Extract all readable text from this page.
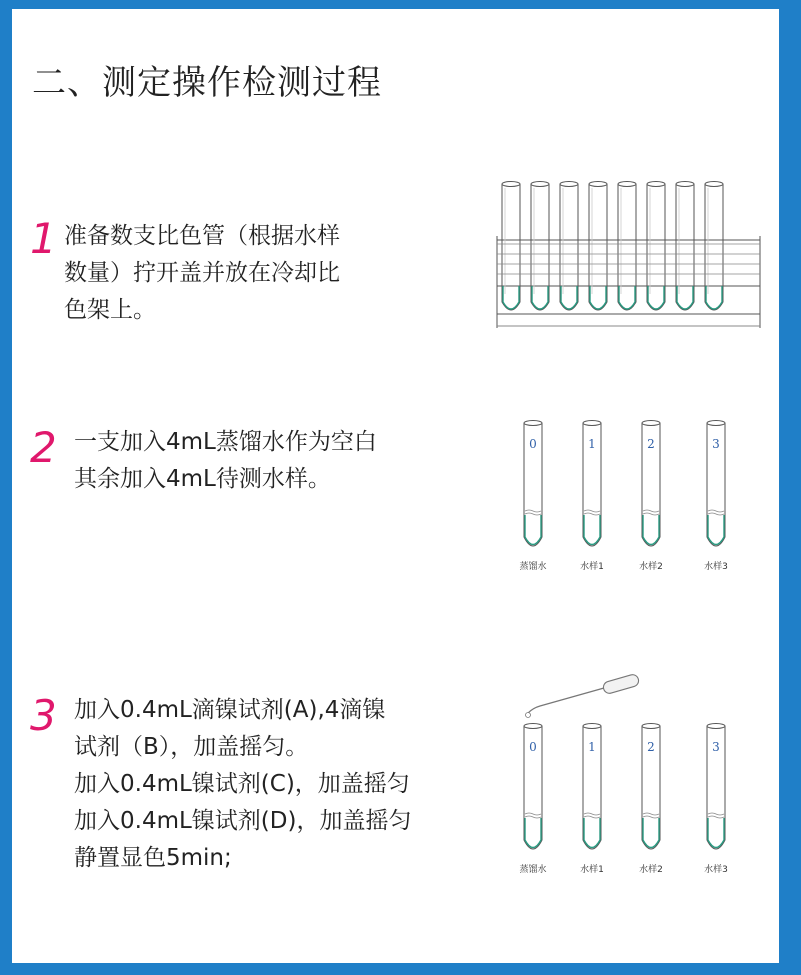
二、测定操作检测过程
1 准备数支比色管（根据水样
数量）拧开盖并放在冷却比
色架上。
2 一支加入4mL蒸馏水作为空白
其余加入4mL待测水样。
3 加入0.4mL滴镍试剂(A),4滴镍
试剂（B），加盖摇匀。
加入0.4mL镍试剂(C)，加盖摇匀
加入0.4mL镍试剂(D)，加盖摇匀
静置显色5min;
0	1	2	3
蒸馏水	水样1	水样2	水样3
0	1	2	3
蒸馏水	水样1	水样2	水样3
